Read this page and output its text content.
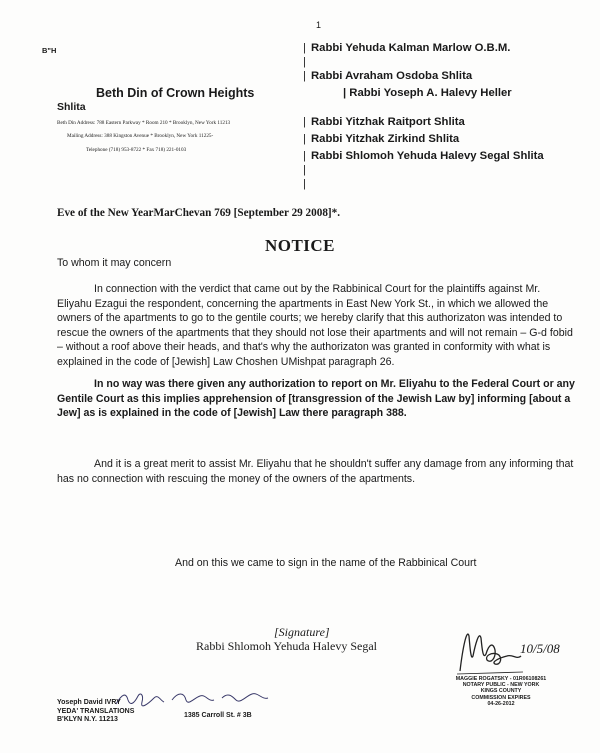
1
B"H
Beth Din of Crown Heights
Shlita
Beth Din Address: 788 Eastern Parkway * Room 210 * Brooklyn, New York 11213
Mailing Address: 388 Kingston Avenue * Brooklyn, New York 11225-
Telephone (718) 953-8722 * Fax 718) 221-0103
|
|
|
|
|
|
|
|
Rabbi Yehuda Kalman Marlow O.B.M.
Rabbi Avraham Osdoba Shlita
| Rabbi Yoseph A. Halevy Heller
Rabbi Yitzhak Raitport Shlita
Rabbi Yitzhak Zirkind Shlita
Rabbi Shlomoh Yehuda Halevy Segal Shlita
Eve of the New YearMarChevan 769 [September 29 2008]*.
NOTICE
To whom it may concern
In connection with the verdict that came out by the Rabbinical Court for the plaintiffs against Mr. Eliyahu Ezagui the respondent, concerning the apartments in East New York St., in which we allowed the owners of the apartments to go to the gentile courts; we hereby clarify that this authorizaton was intended to rescue the owners of the apartments that they should not lose their apartments and will not remain – G-d fobid – without a roof above their heads, and that's why the authorizaton was granted in conformity with what is explained in the code of [Jewish] Law Choshen UMishpat paragraph 26.
In no way was there given any authorization to report on Mr. Eliyahu to the Federal Court or any Gentile Court as this implies apprehension of [transgression of the Jewish Law by] informing [about a Jew] as is explained in the code of [Jewish] Law there paragraph 388.
And it is a great merit to assist Mr. Eliyahu that he shouldn't suffer any damage from any informing that has no connection with rescuing the money of the owners of the apartments.
And on this we came to sign in the name of the Rabbinical Court
[Signature]
Rabbi Shlomoh Yehuda Halevy Segal	10/5/08
MAGGIE ROGATSKY - 01R06108261
NOTARY PUBLIC - NEW YORK
KINGS COUNTY
COMMISSION EXPIRES
04-26-2012
Yoseph David IVRY
YEDA' TRANSLATIONS
B'KLYN N.Y. 11213
1385 Carroll St. # 3B
